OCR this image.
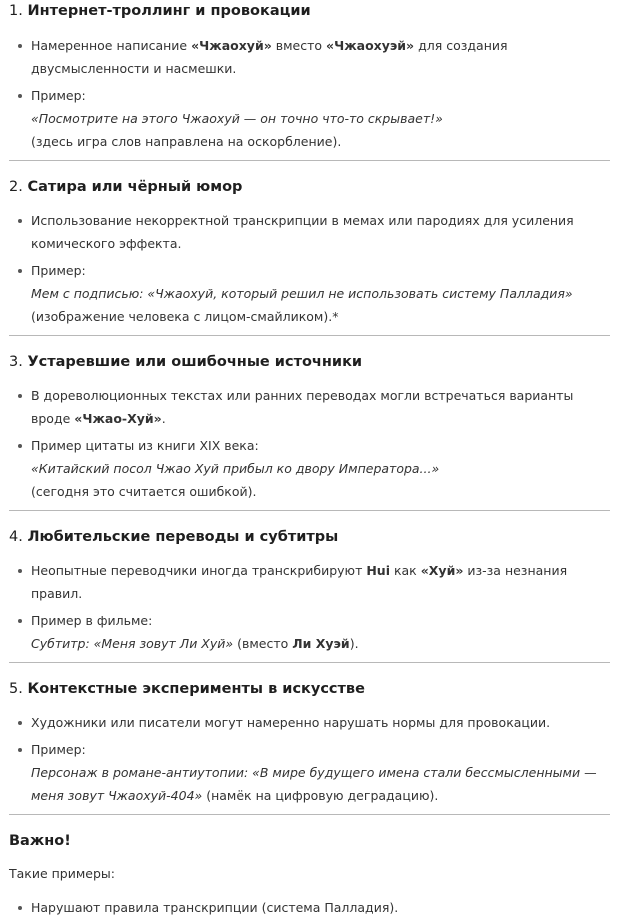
1. Интернет-троллинг и провокации
Намеренное написание «Чжаохуй» вместо «Чжаохуэй» для создания двусмысленности и насмешки.
Пример:
«Посмотрите на этого Чжаохуй — он точно что-то скрывает!»
(здесь игра слов направлена на оскорбление).
2. Сатира или чёрный юмор
Использование некорректной транскрипции в мемах или пародиях для усиления комического эффекта.
Пример:
Мем с подписью: «Чжаохуй, который решил не использовать систему Палладия»
(изображение человека с лицом-смайликом).*
3. Устаревшие или ошибочные источники
В дореволюционных текстах или ранних переводах могли встречаться варианты вроде «Чжао-Хуй».
Пример цитаты из книги XIX века:
«Китайский посол Чжао Хуй прибыл ко двору Императора...»
(сегодня это считается ошибкой).
4. Любительские переводы и субтитры
Неопытные переводчики иногда транскрибируют Hui как «Хуй» из-за незнания правил.
Пример в фильме:
Субтитр: «Меня зовут Ли Хуй» (вместо Ли Хуэй).
5. Контекстные эксперименты в искусстве
Художники или писатели могут намеренно нарушать нормы для провокации.
Пример:
Персонаж в романе-антиутопии: «В мире будущего имена стали бессмысленными — меня зовут Чжаохуй-404» (намёк на цифровую деградацию).
Важно!

Такие примеры:

Нарушают правила транскрипции (система Палладия).
